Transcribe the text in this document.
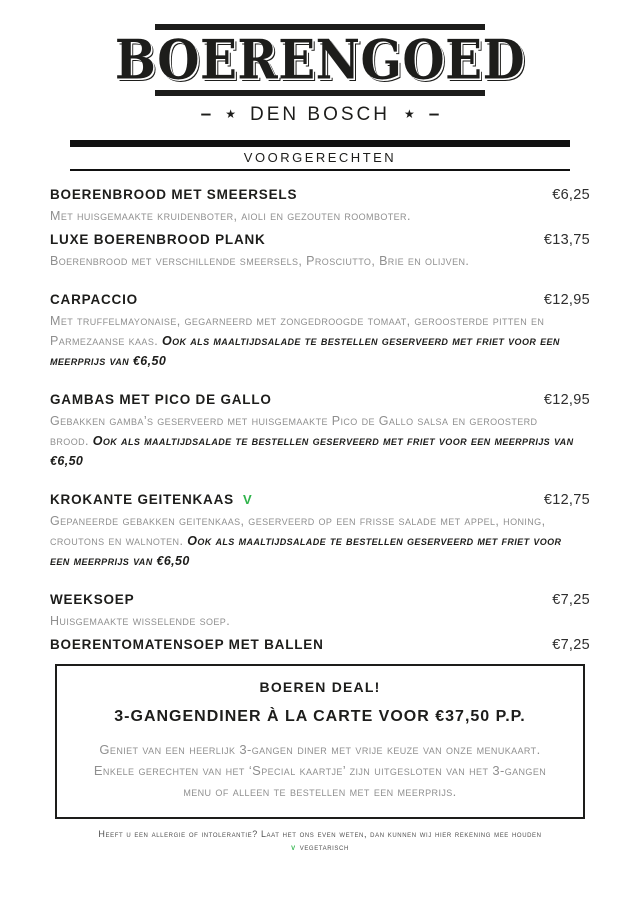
BOERENGOED
– ★ DEN BOSCH ★ –
VOORGERECHTEN
BOERENBROOD MET SMEERSELS	€6,25

Met huisgemaakte kruidenboter, aioli en gezouten roomboter.

LUXE BOERENBROOD PLANK	€13,75

Boerenbrood met verschillende smeersels, Prosciutto, Brie en olijven.

CARPACCIO	€12,95

Met truffelmayonaise, gegarneerd met zongedroogde tomaat, geroosterde pitten en Parmezaanse kaas. Ook als maaltijdsalade te bestellen geserveerd met friet voor een meerprijs van €6,50

GAMBAS MET PICO DE GALLO	€12,95

Gebakken gamba’s geserveerd met huisgemaakte Pico de Gallo salsa en geroosterd brood. Ook als maaltijdsalade te bestellen geserveerd met friet voor een meerprijs van €6,50

KROKANTE GEITENKAAS V	€12,75

Gepaneerde gebakken geitenkaas, geserveerd op een frisse salade met appel, honing, croutons en walnoten. Ook als maaltijdsalade te bestellen geserveerd met friet voor een meerprijs van €6,50

WEEKSOEP	€7,25

Huisgemaakte wisselende soep.

BOERENTOMATENSOEP MET BALLEN	€7,25
BOEREN DEAL!
3-GANGENDINER À LA CARTE VOOR €37,50 P.P.

Geniet van een heerlijk 3-gangen diner met vrije keuze van onze menukaart. Enkele gerechten van het ‘Special kaartje’ zijn uitgesloten van het 3-gangen menu of alleen te bestellen met een meerprijs.

Heeft u een allergie of intolerantie? Laat het ons even weten, dan kunnen wij hier rekening mee houden
v vegetarisch
